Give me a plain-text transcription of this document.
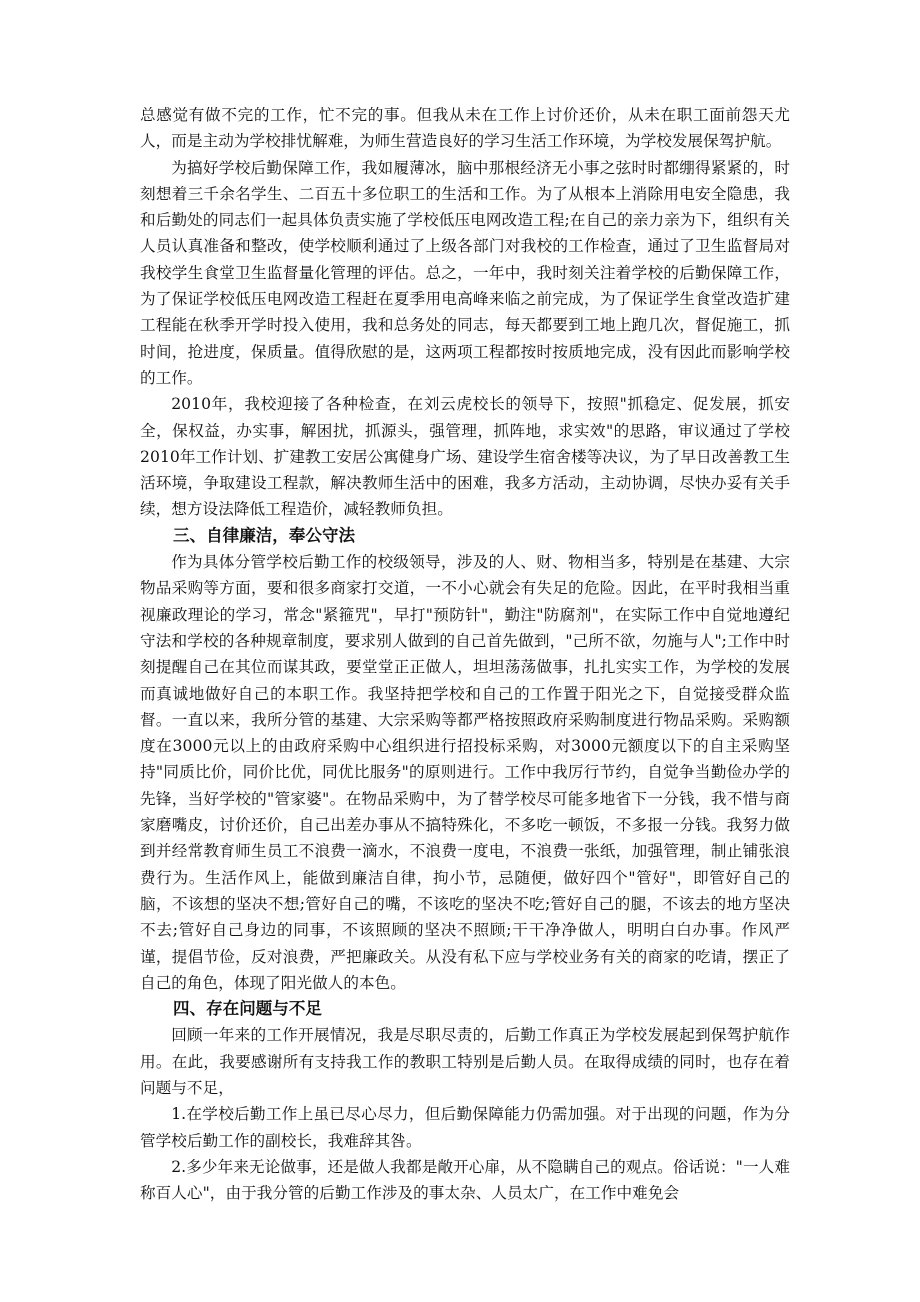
总感觉有做不完的工作，忙不完的事。但我从未在工作上讨价还价，从未在职工面前怨天尤人，而是主动为学校排忧解难，为师生营造良好的学习生活工作环境，为学校发展保驾护航。

为搞好学校后勤保障工作，我如履薄冰，脑中那根经济无小事之弦时时都绷得紧紧的，时刻想着三千余名学生、二百五十多位职工的生活和工作。为了从根本上消除用电安全隐患，我和后勤处的同志们一起具体负责实施了学校低压电网改造工程;在自己的亲力亲为下，组织有关人员认真准备和整改，使学校顺利通过了上级各部门对我校的工作检查，通过了卫生监督局对我校学生食堂卫生监督量化管理的评估。总之，一年中，我时刻关注着学校的后勤保障工作，为了保证学校低压电网改造工程赶在夏季用电高峰来临之前完成，为了保证学生食堂改造扩建工程能在秋季开学时投入使用，我和总务处的同志，每天都要到工地上跑几次，督促施工，抓时间，抢进度，保质量。值得欣慰的是，这两项工程都按时按质地完成，没有因此而影响学校的工作。

2010年，我校迎接了各种检查，在刘云虎校长的领导下，按照"抓稳定、促发展，抓安全，保权益，办实事，解困扰，抓源头，强管理，抓阵地，求实效"的思路，审议通过了学校2010年工作计划、扩建教工安居公寓健身广场、建设学生宿舍楼等决议，为了早日改善教工生活环境，争取建设工程款，解决教师生活中的困难，我多方活动，主动协调，尽快办妥有关手续，想方设法降低工程造价，减轻教师负担。

三、自律廉洁，奉公守法

作为具体分管学校后勤工作的校级领导，涉及的人、财、物相当多，特别是在基建、大宗物品采购等方面，要和很多商家打交道，一不小心就会有失足的危险。因此，在平时我相当重视廉政理论的学习，常念"紧箍咒"，早打"预防针"，勤注"防腐剂"，在实际工作中自觉地遵纪守法和学校的各种规章制度，要求别人做到的自己首先做到，"己所不欲，勿施与人";工作中时刻提醒自己在其位而谋其政，要堂堂正正做人，坦坦荡荡做事，扎扎实实工作，为学校的发展而真诚地做好自己的本职工作。我坚持把学校和自己的工作置于阳光之下，自觉接受群众监督。一直以来，我所分管的基建、大宗采购等都严格按照政府采购制度进行物品采购。采购额度在3000元以上的由政府采购中心组织进行招投标采购，对3000元额度以下的自主采购坚持"同质比价，同价比优，同优比服务"的原则进行。工作中我厉行节约，自觉争当勤俭办学的先锋，当好学校的"管家婆"。在物品采购中，为了替学校尽可能多地省下一分钱，我不惜与商家磨嘴皮，讨价还价，自己出差办事从不搞特殊化，不多吃一顿饭，不多报一分钱。我努力做到并经常教育师生员工不浪费一滴水，不浪费一度电，不浪费一张纸，加强管理，制止铺张浪费行为。生活作风上，能做到廉洁自律，拘小节，忌随便，做好四个"管好"，即管好自己的脑，不该想的坚决不想;管好自己的嘴，不该吃的坚决不吃;管好自己的腿，不该去的地方坚决不去;管好自己身边的同事，不该照顾的坚决不照顾;干干净净做人，明明白白办事。作风严谨，提倡节俭，反对浪费，严把廉政关。从没有私下应与学校业务有关的商家的吃请，摆正了自己的角色，体现了阳光做人的本色。

四、存在问题与不足

回顾一年来的工作开展情况，我是尽职尽责的，后勤工作真正为学校发展起到保驾护航作用。在此，我要感谢所有支持我工作的教职工特别是后勤人员。在取得成绩的同时，也存在着问题与不足，

1.在学校后勤工作上虽已尽心尽力，但后勤保障能力仍需加强。对于出现的问题，作为分管学校后勤工作的副校长，我难辞其咎。

2.多少年来无论做事，还是做人我都是敞开心扉，从不隐瞒自己的观点。俗话说："一人难称百人心"，由于我分管的后勤工作涉及的事太杂、人员太广，在工作中难免会
